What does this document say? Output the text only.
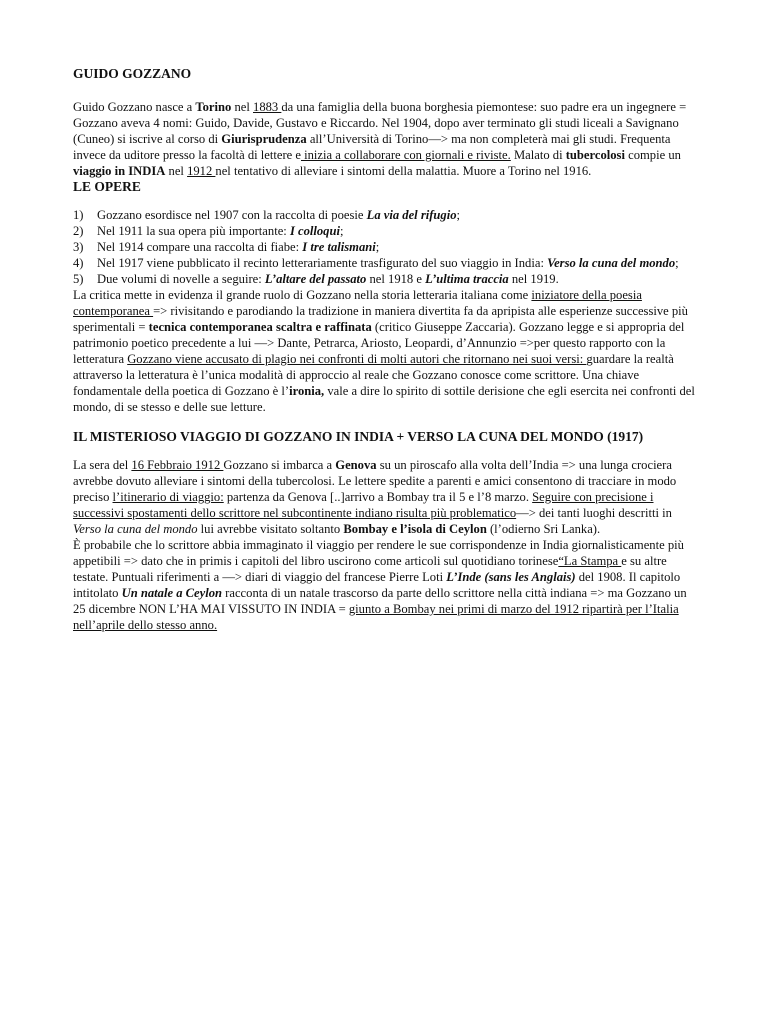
GUIDO GOZZANO

Guido Gozzano nasce a Torino nel 1883 da una famiglia della buona borghesia piemontese: suo padre era un ingegnere = Gozzano aveva 4 nomi: Guido, Davide, Gustavo e Riccardo. Nel 1904, dopo aver terminato gli studi liceali a Savignano (Cuneo) si iscrive al corso di Giurisprudenza all’Università di Torino—> ma non completerà mai gli studi. Frequenta invece da uditore presso la facoltà di lettere e inizia a collaborare con giornali e riviste. Malato di tubercolosi compie un viaggio in INDIA nel 1912 nel tentativo di alleviare i sintomi della malattia. Muore a Torino nel 1916.

LE OPERE
1) Gozzano esordisce nel 1907 con la raccolta di poesie La via del rifugio;
2) Nel 1911 la sua opera più importante: I colloqui;
3) Nel 1914 compare una raccolta di fiabe: I tre talismani;
4) Nel 1917 viene pubblicato il recinto letterariamente trasfigurato del suo viaggio in India: Verso la cuna del mondo;
5) Due volumi di novelle a seguire: L’altare del passato nel 1918 e L’ultima traccia nel 1919.

La critica mette in evidenza il grande ruolo di Gozzano nella storia letteraria italiana come iniziatore della poesia contemporanea => rivisitando e parodiando la tradizione in maniera divertita fa da apripista alle esperienze successive più sperimentali = tecnica contemporanea scaltra e raffinata (critico Giuseppe Zaccaria). Gozzano legge e si appropria del patrimonio poetico precedente a lui —> Dante, Petrarca, Ariosto, Leopardi, d’Annunzio =>per questo rapporto con la letteratura Gozzano viene accusato di plagio nei confronti di molti autori che ritornano nei suoi versi: guardare la realtà attraverso la letteratura è l’unica modalità di approccio al reale che Gozzano conosce come scrittore. Una chiave fondamentale della poetica di Gozzano è l’ironia, vale a dire lo spirito di sottile derisione che egli esercita nei confronti del mondo, di se stesso e delle sue letture.

IL MISTERIOSO VIAGGIO DI GOZZANO IN INDIA + VERSO LA CUNA DEL MONDO (1917)

La sera del 16 Febbraio 1912 Gozzano si imbarca a Genova su un piroscafo alla volta dell’India => una lunga crociera avrebbe dovuto alleviare i sintomi della tubercolosi. Le lettere spedite a parenti e amici consentono di tracciare in modo preciso l’itinerario di viaggio: partenza da Genova [..]arrivo a Bombay tra il 5 e l’8 marzo. Seguire con precisione i successivi spostamenti dello scrittore nel subcontinente indiano risulta più problematico—> dei tanti luoghi descritti in Verso la cuna del mondo lui avrebbe visitato soltanto Bombay e l’isola di Ceylon (l’odierno Sri Lanka).

È probabile che lo scrittore abbia immaginato il viaggio per rendere le sue corrispondenze in India giornalisticamente più appetibili => dato che in primis i capitoli del libro uscirono come articoli sul quotidiano torinese“La Stampa e su altre testate. Puntuali riferimenti a —> diari di viaggio del francese Pierre Loti L’Inde (sans les Anglais) del 1908. Il capitolo intitolato Un natale a Ceylon racconta di un natale trascorso da parte dello scrittore nella città indiana => ma Gozzano un 25 dicembre NON L’HA MAI VISSUTO IN INDIA = giunto a Bombay nei primi di marzo del 1912 ripartirà per l’Italia nell’aprile dello stesso anno.
